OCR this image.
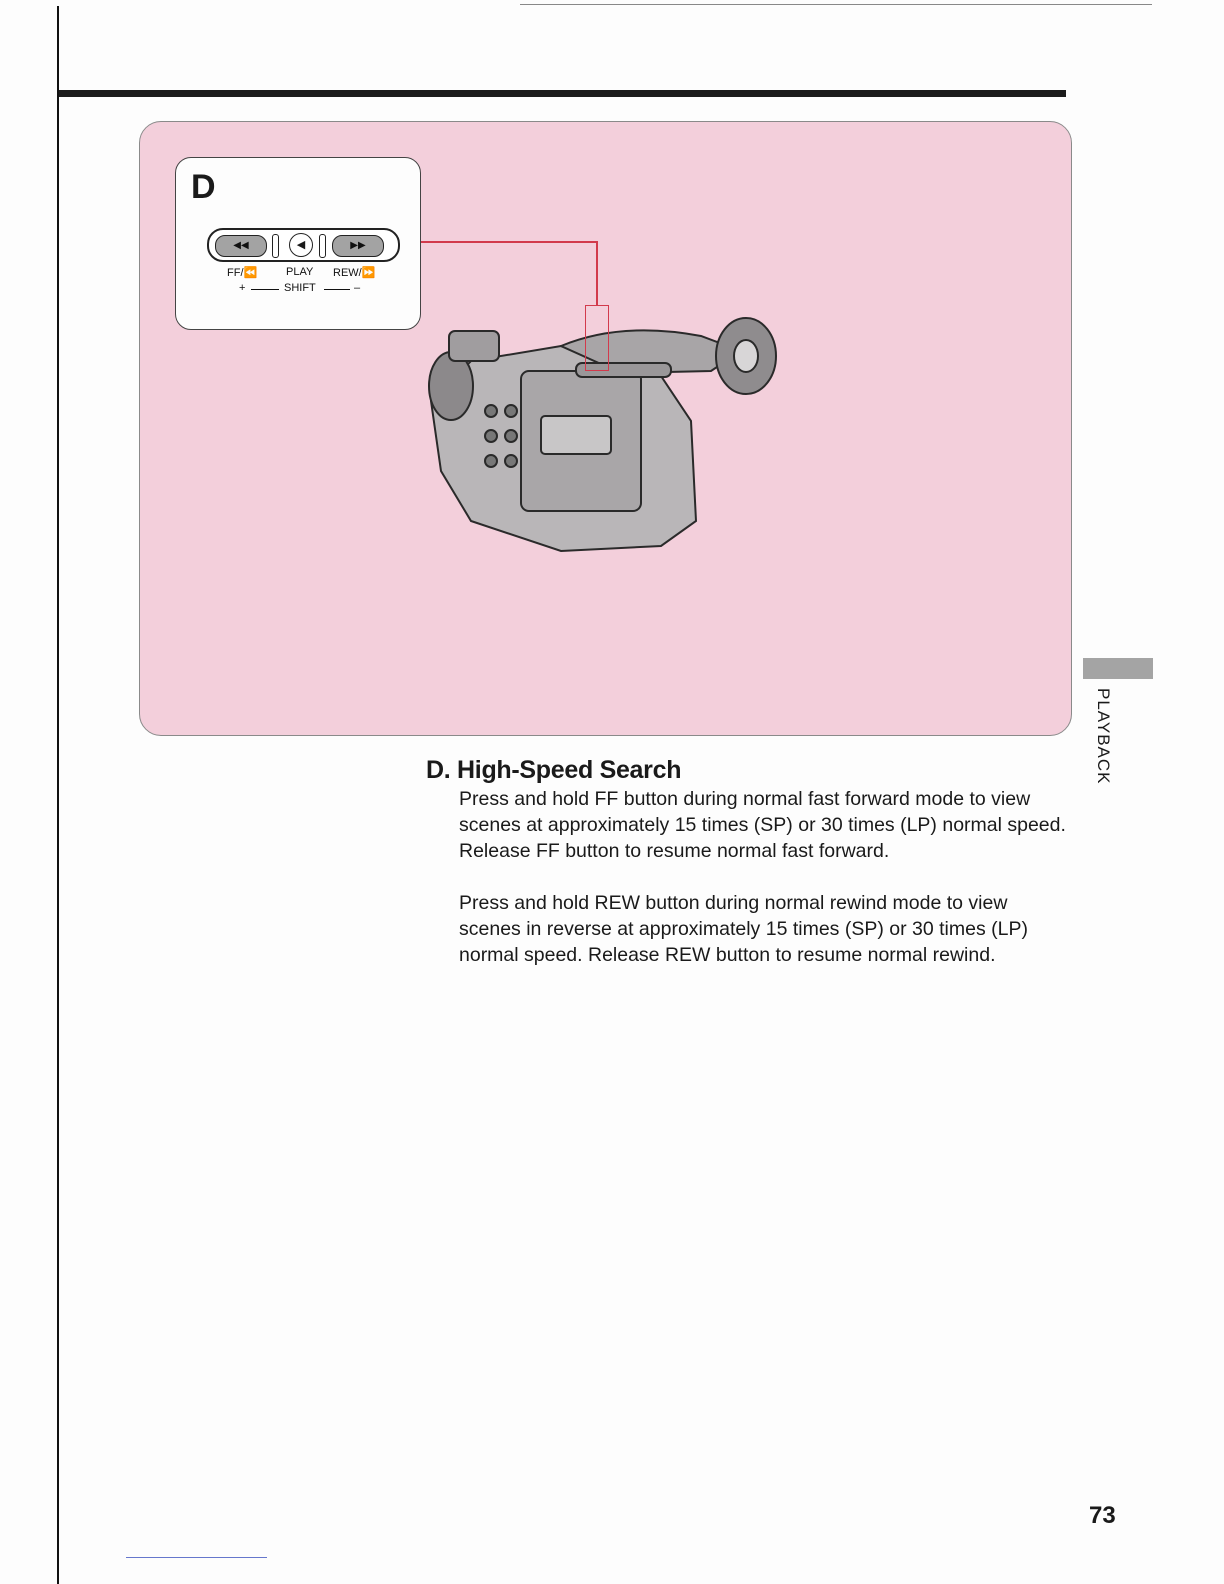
D
◀◀	◀	▶▶
FF/⏪	PLAY REW/⏩
+	SHIFT	–
D. High-Speed Search
Press and hold FF button during normal fast forward mode to view scenes at approximately 15 times (SP) or 30 times (LP) normal speed. Release FF button to resume normal fast forward.
Press and hold REW button during normal rewind mode to view scenes in reverse at approximately 15 times (SP) or 30 times (LP) normal speed. Release REW button to resume normal rewind.
PLAYBACK
73
